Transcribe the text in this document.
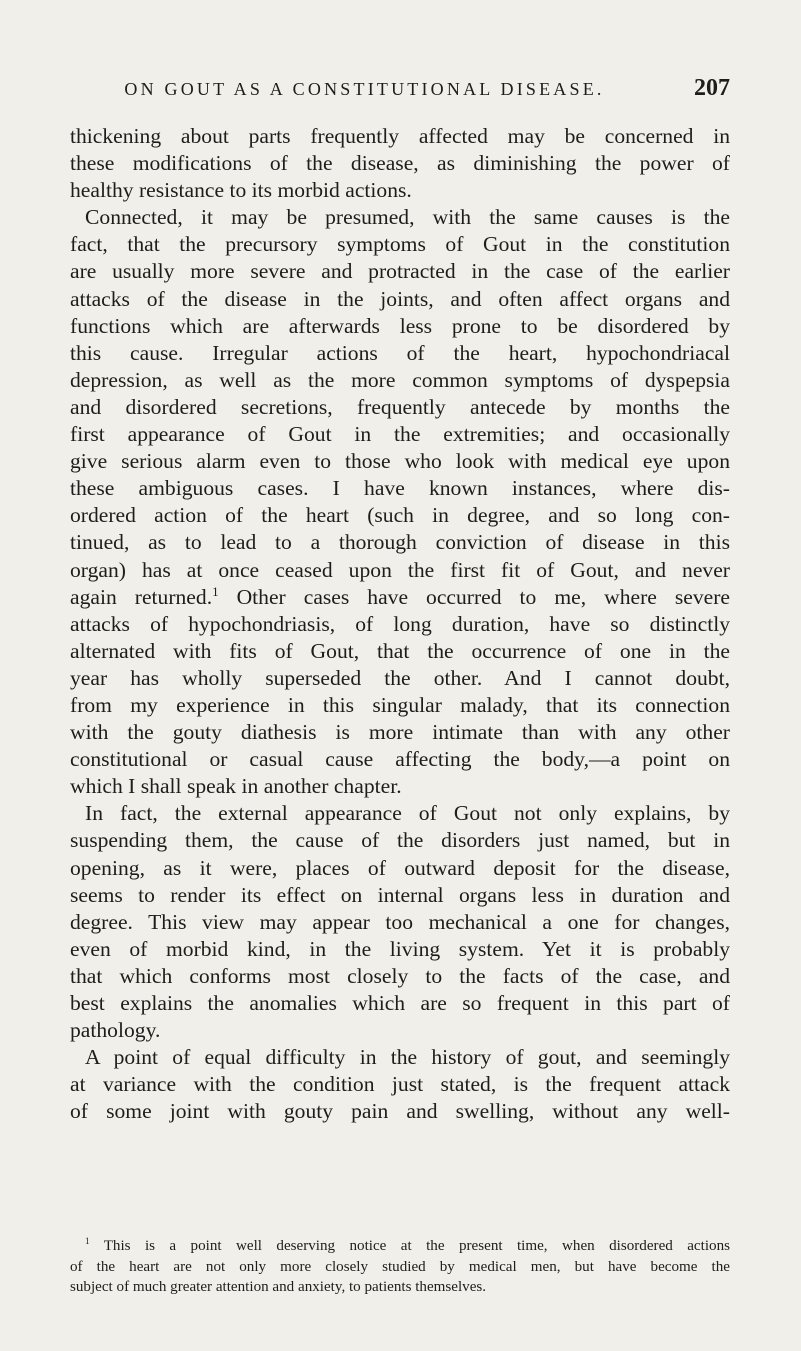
ON GOUT AS A CONSTITUTIONAL DISEASE.	207
thickening about parts frequently affected may be concerned in
these modifications of the disease, as diminishing the power of
healthy resistance to its morbid actions.
Connected, it may be presumed, with the same causes is the
fact, that the precursory symptoms of Gout in the constitution
are usually more severe and protracted in the case of the earlier
attacks of the disease in the joints, and often affect organs and
functions which are afterwards less prone to be disordered by
this cause. Irregular actions of the heart, hypochondriacal
depression, as well as the more common symptoms of dyspepsia
and disordered secretions, frequently antecede by months the
first appearance of Gout in the extremities; and occasionally
give serious alarm even to those who look with medical eye upon
these ambiguous cases. I have known instances, where dis-
ordered action of the heart (such in degree, and so long con-
tinued, as to lead to a thorough conviction of disease in this
organ) has at once ceased upon the first fit of Gout, and never
again returned.$^1$ Other cases have occurred to me, where severe
attacks of hypochondriasis, of long duration, have so distinctly
alternated with fits of Gout, that the occurrence of one in the
year has wholly superseded the other. And I cannot doubt,
from my experience in this singular malady, that its connection
with the gouty diathesis is more intimate than with any other
constitutional or casual cause affecting the body,—a point on
which I shall speak in another chapter.
In fact, the external appearance of Gout not only explains, by
suspending them, the cause of the disorders just named, but in
opening, as it were, places of outward deposit for the disease,
seems to render its effect on internal organs less in duration and
degree. This view may appear too mechanical a one for changes,
even of morbid kind, in the living system. Yet it is probably
that which conforms most closely to the facts of the case, and
best explains the anomalies which are so frequent in this part of
pathology.
A point of equal difficulty in the history of gout, and seemingly
at variance with the condition just stated, is the frequent attack
of some joint with gouty pain and swelling, without any well-
$^1$ This is a point well deserving notice at the present time, when disordered actions
of the heart are not only more closely studied by medical men, but have become the
subject of much greater attention and anxiety, to patients themselves.
